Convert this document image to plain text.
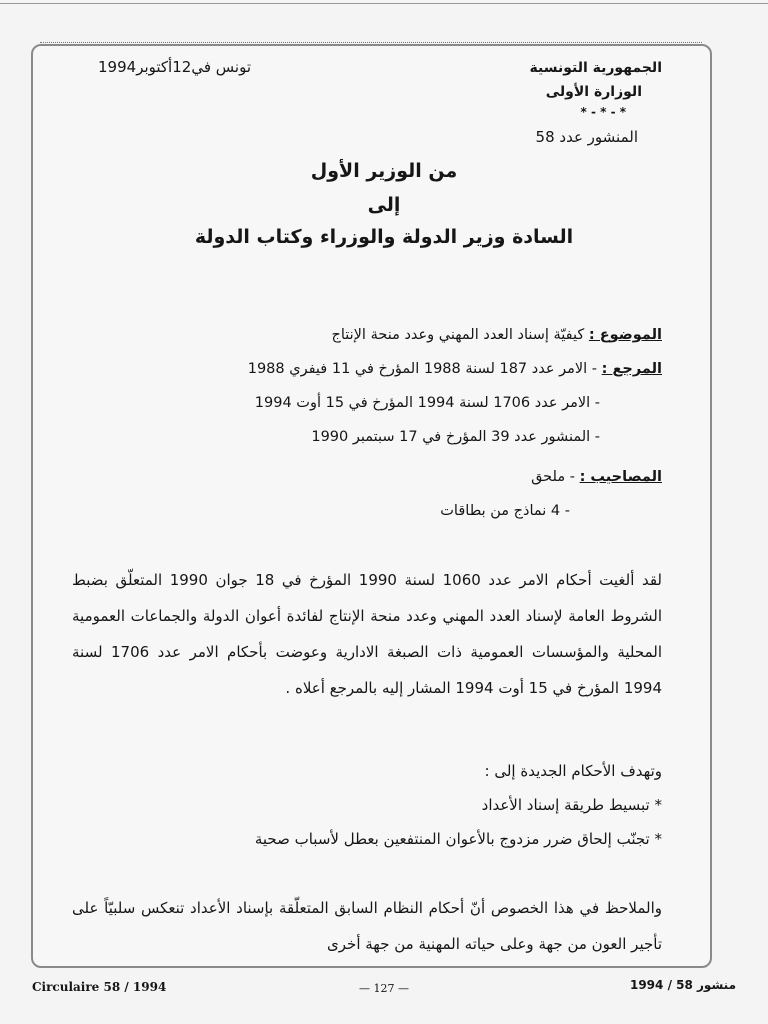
الجمهورية التونسية
الوزارة الأولى
* - * - *
تونس في12أكتوبر1994
المنشور عدد 58
من الوزير الأول
إلى
السادة وزير الدولة والوزراء وكتاب الدولة
الموضوع : كيفيّة إسناد العدد المهني وعدد منحة الإنتاج
المرجع : - الامر عدد 187 لسنة 1988 المؤرخ في 11 فيفري 1988
- الامر عدد 1706 لسنة 1994 المؤرخ في 15 أوت 1994
- المنشور عدد 39 المؤرخ في 17 سبتمبر 1990
المصاحيب : - ملحق
- 4 نماذج من بطاقات

لقد ألغيت أحكام الامر عدد 1060 لسنة 1990 المؤرخ في 18 جوان 1990 المتعلّق بضبط الشروط العامة لإسناد العدد المهني وعدد منحة الإنتاج لفائدة أعوان الدولة والجماعات العمومية المحلية والمؤسسات العمومية ذات الصبغة الادارية وعوضت بأحكام الامر عدد 1706 لسنة 1994 المؤرخ في 15 أوت 1994 المشار إليه بالمرجع أعلاه .

وتهدف الأحكام الجديدة إلى :
* تبسيط طريقة إسناد الأعداد
* تجنّب إلحاق ضرر مزدوج بالأعوان المنتفعين بعطل لأسباب صحية

والملاحظ في هذا الخصوص أنّ أحكام النظام السابق المتعلّقة بإسناد الأعداد تنعكس سلبيّاً على تأجير العون من جهة وعلى حياته المهنية من جهة أخرى

Circulaire 58 / 1994	— 127 —	منشور 58 / 1994
